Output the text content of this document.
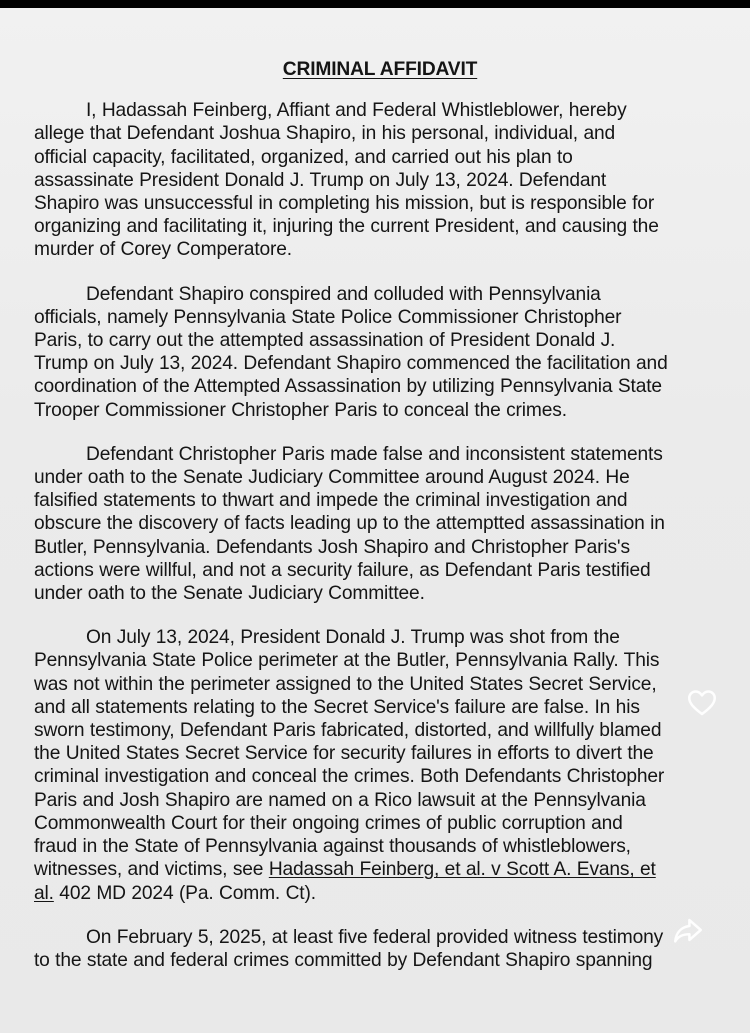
CRIMINAL AFFIDAVIT
I, Hadassah Feinberg, Affiant and Federal Whistleblower, hereby
allege that Defendant Joshua Shapiro, in his personal, individual, and
official capacity, facilitated, organized, and carried out his plan to
assassinate President Donald J. Trump on July 13, 2024. Defendant
Shapiro was unsuccessful in completing his mission, but is responsible for
organizing and facilitating it, injuring the current President, and causing the
murder of Corey Comperatore.
Defendant Shapiro conspired and colluded with Pennsylvania
officials, namely Pennsylvania State Police Commissioner Christopher
Paris, to carry out the attempted assassination of President Donald J.
Trump on July 13, 2024. Defendant Shapiro commenced the facilitation and
coordination of the Attempted Assassination by utilizing Pennsylvania State
Trooper Commissioner Christopher Paris to conceal the crimes.
Defendant Christopher Paris made false and inconsistent statements
under oath to the Senate Judiciary Committee around August 2024. He
falsified statements to thwart and impede the criminal investigation and
obscure the discovery of facts leading up to the attemptted assassination in
Butler, Pennsylvania. Defendants Josh Shapiro and Christopher Paris's
actions were willful, and not a security failure, as Defendant Paris testified
under oath to the Senate Judiciary Committee.
On July 13, 2024, President Donald J. Trump was shot from the
Pennsylvania State Police perimeter at the Butler, Pennsylvania Rally. This
was not within the perimeter assigned to the United States Secret Service,
and all statements relating to the Secret Service's failure are false. In his
sworn testimony, Defendant Paris fabricated, distorted, and willfully blamed
the United States Secret Service for security failures in efforts to divert the
criminal investigation and conceal the crimes. Both Defendants Christopher
Paris and Josh Shapiro are named on a Rico lawsuit at the Pennsylvania
Commonwealth Court for their ongoing crimes of public corruption and
fraud in the State of Pennsylvania against thousands of whistleblowers,
witnesses, and victims, see Hadassah Feinberg, et al. v Scott A. Evans, et
al. 402 MD 2024 (Pa. Comm. Ct).
On February 5, 2025, at least five federal provided witness testimony
to the state and federal crimes committed by Defendant Shapiro spanning
